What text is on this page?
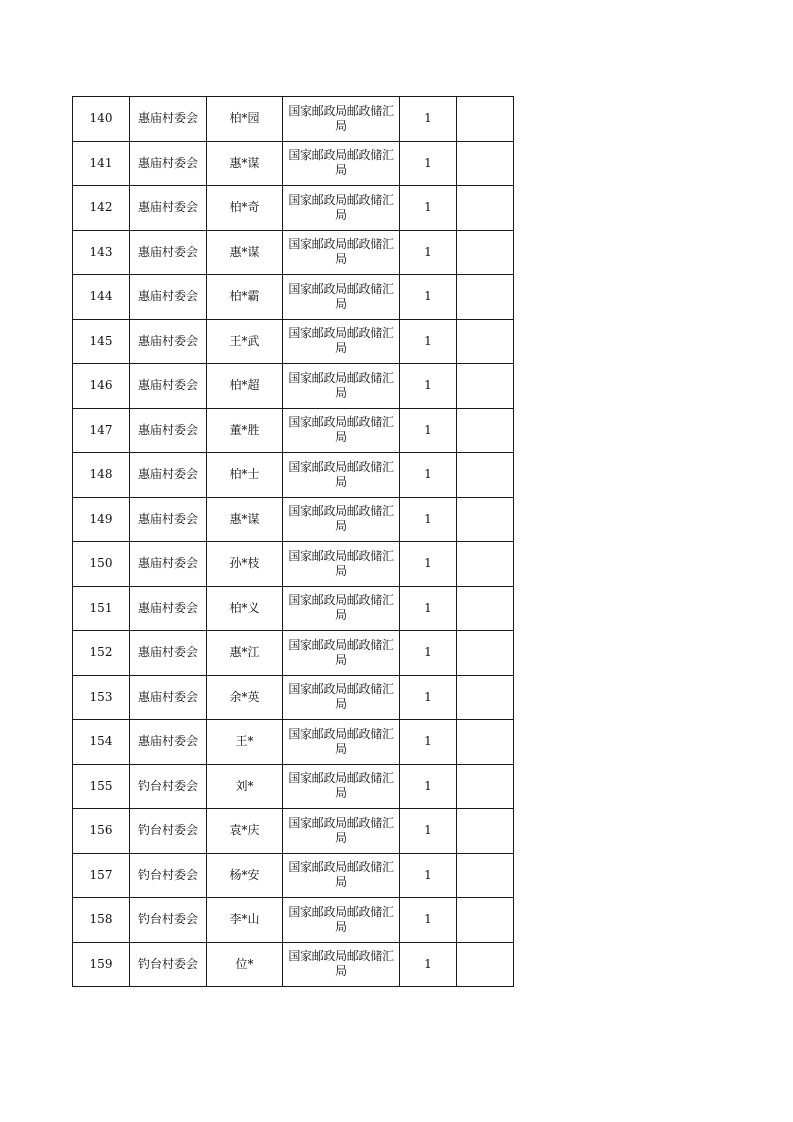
140	惠庙村委会	柏*园	国家邮政局邮政储汇局	1	
141	惠庙村委会	惠*谋	国家邮政局邮政储汇局	1	
142	惠庙村委会	柏*奇	国家邮政局邮政储汇局	1	
143	惠庙村委会	惠*谋	国家邮政局邮政储汇局	1	
144	惠庙村委会	柏*霸	国家邮政局邮政储汇局	1	
145	惠庙村委会	王*武	国家邮政局邮政储汇局	1	
146	惠庙村委会	柏*超	国家邮政局邮政储汇局	1	
147	惠庙村委会	董*胜	国家邮政局邮政储汇局	1	
148	惠庙村委会	柏*士	国家邮政局邮政储汇局	1	
149	惠庙村委会	惠*谋	国家邮政局邮政储汇局	1	
150	惠庙村委会	孙*枝	国家邮政局邮政储汇局	1	
151	惠庙村委会	柏*义	国家邮政局邮政储汇局	1	
152	惠庙村委会	惠*江	国家邮政局邮政储汇局	1	
153	惠庙村委会	余*英	国家邮政局邮政储汇局	1	
154	惠庙村委会	王*	国家邮政局邮政储汇局	1	
155	钓台村委会	刘*	国家邮政局邮政储汇局	1	
156	钓台村委会	袁*庆	国家邮政局邮政储汇局	1	
157	钓台村委会	杨*安	国家邮政局邮政储汇局	1	
158	钓台村委会	李*山	国家邮政局邮政储汇局	1	
159	钓台村委会	位*	国家邮政局邮政储汇局	1	
